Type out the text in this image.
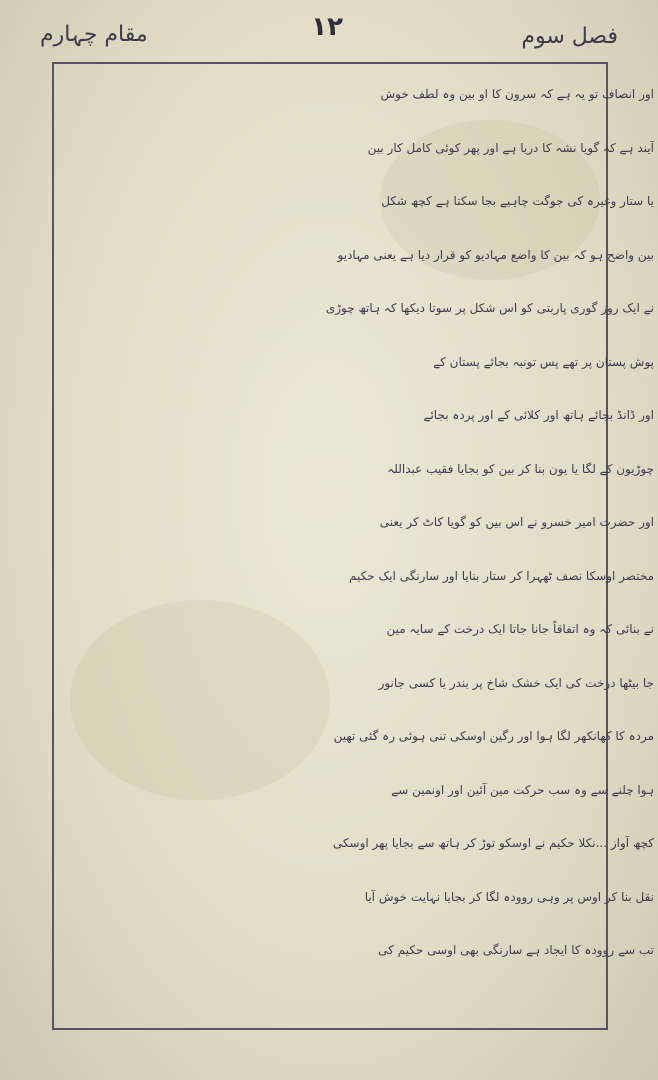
فصل سوم
۱۲
مقام چہارم
اور انصاف تو یہ ہے کہ سرون کا او بین وہ لطف خوش
آیند ہے کہ گویا نشہ کا دریا ہے اور پھر کوئی کامل کار بین
یا ستار وغیرہ کی جوگت چاہیے بجا سکتا ہے کچھ شکل
بین واضح ہو کہ بین کا واضع مہادیو کو قرار دیا ہے یعنی مہادیو
نے ایک روز گوری پاربتی کو اس شکل پر سوتا دیکھا کہ ہاتھ چوڑی
پوش پستان پر تھے پس تونبہ بجائے پستان کے
اور ڈانڈ بجائے ہاتھ اور کلائی کے اور پردہ بجائے
چوڑیون کے لگا یا یون بنا کر بین کو بجایا فقیب عبداللہ
اور حضرت امیر خسرو نے اس بین کو گویا کاٹ کر یعنی
مختصر اوسکا نصف ٹھہرا کر ستار بنایا اور سارنگی ایک حکیم
نے بنائی کہ وہ اتفاقاً جانا جاتا ایک درخت کے سایہ مین
جا بیٹھا درخت کی ایک خشک شاخ پر بندر یا کسی جانور
مردہ کا کھانکھر لگا ہوا اور رگین اوسکی تنی ہوئی رہ گئی تھین
ہوا چلنے سے وہ سب حرکت مین آئین اور اونمین سے
کچھ آواز ...نکلا حکیم نے اوسکو توڑ کر ہاتھ سے بجایا پھر اوسکی
نقل بنا کر اوس پر وہی روودہ لگا کر بجایا نہایت خوش آیا
تب سے روودہ کا ایجاد ہے سارنگی بھی اوسی حکیم کی
